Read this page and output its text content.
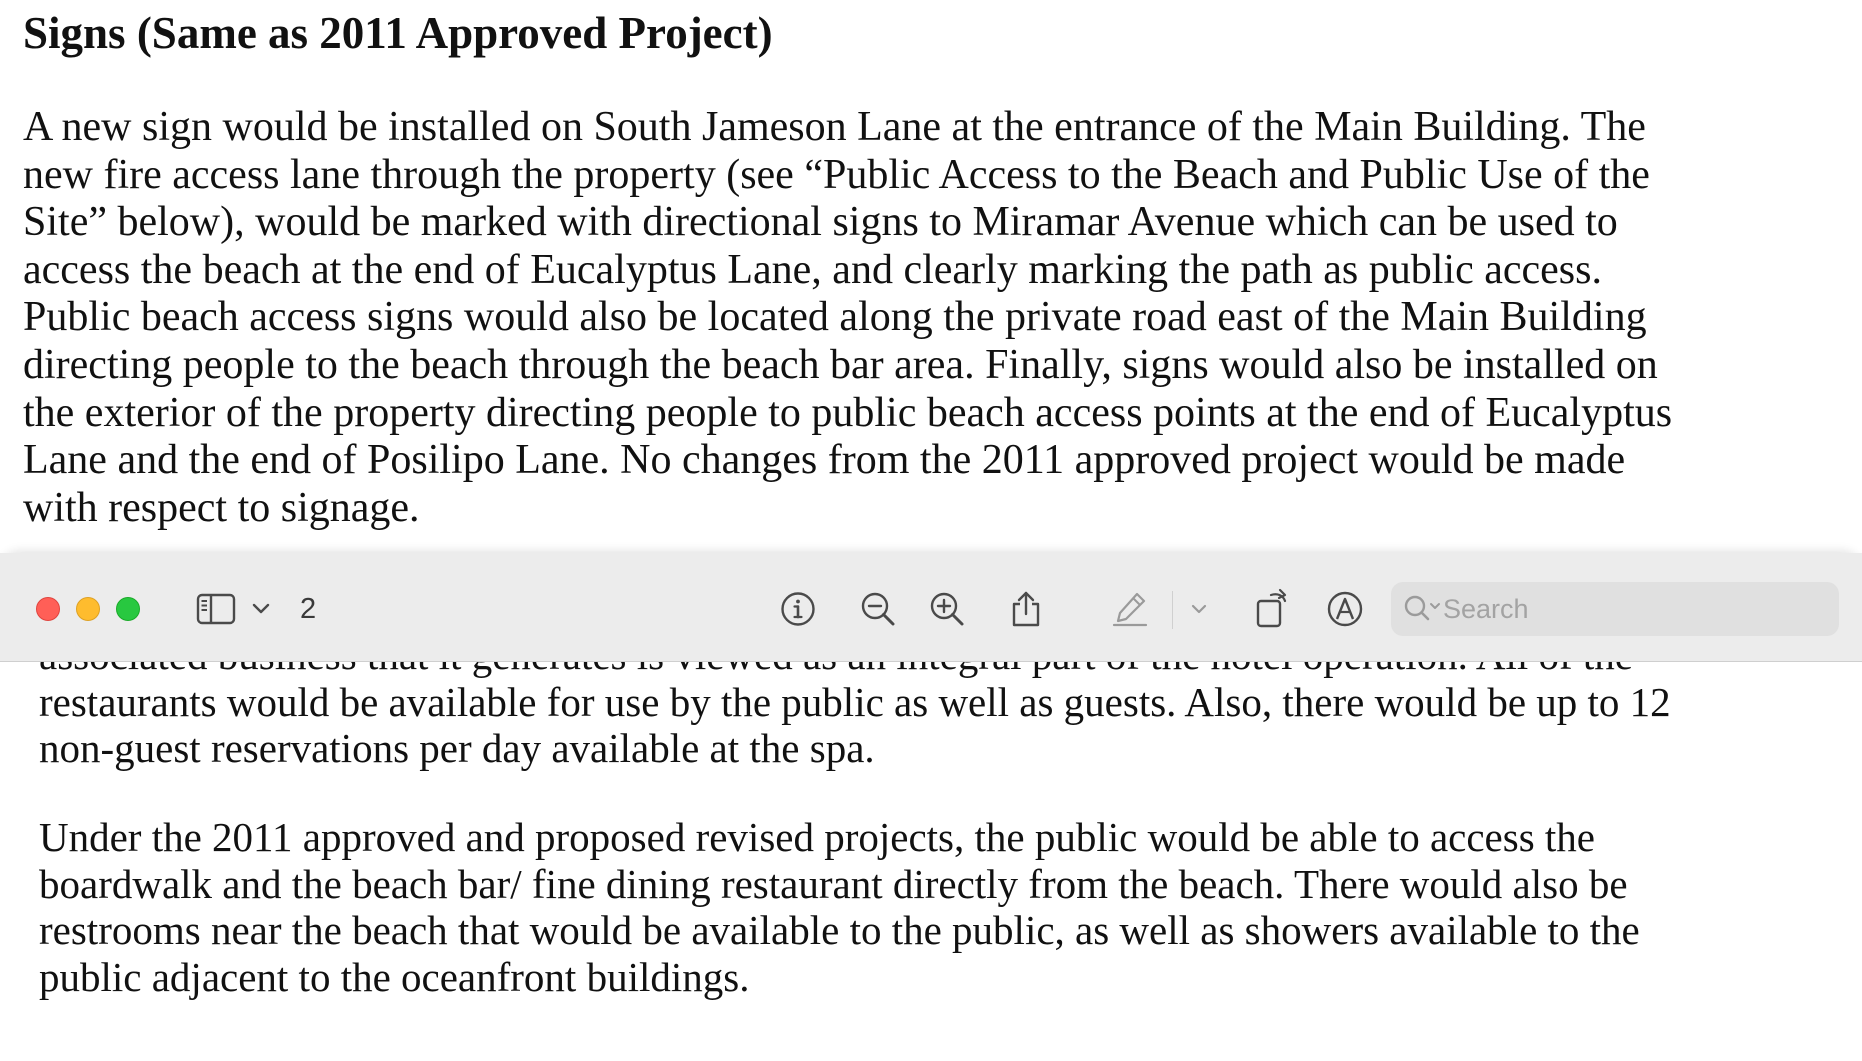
Signs (Same as 2011 Approved Project)

A new sign would be installed on South Jameson Lane at the entrance of the Main Building. The
new fire access lane through the property (see “Public Access to the Beach and Public Use of the
Site” below), would be marked with directional signs to Miramar Avenue which can be used to
access the beach at the end of Eucalyptus Lane, and clearly marking the path as public access.
Public beach access signs would also be located along the private road east of the Main Building
directing people to the beach through the beach bar area. Finally, signs would also be installed on
the exterior of the property directing people to public beach access points at the end of Eucalyptus
Lane and the end of Posilipo Lane. No changes from the 2011 approved project would be made
with respect to signage.

2
Search

restaurants would be available for use by the public as well as guests. Also, there would be up to 12
non-guest reservations per day available at the spa.

Under the 2011 approved and proposed revised projects, the public would be able to access the
boardwalk and the beach bar/ fine dining restaurant directly from the beach. There would also be
restrooms near the beach that would be available to the public, as well as showers available to the
public adjacent to the oceanfront buildings.
